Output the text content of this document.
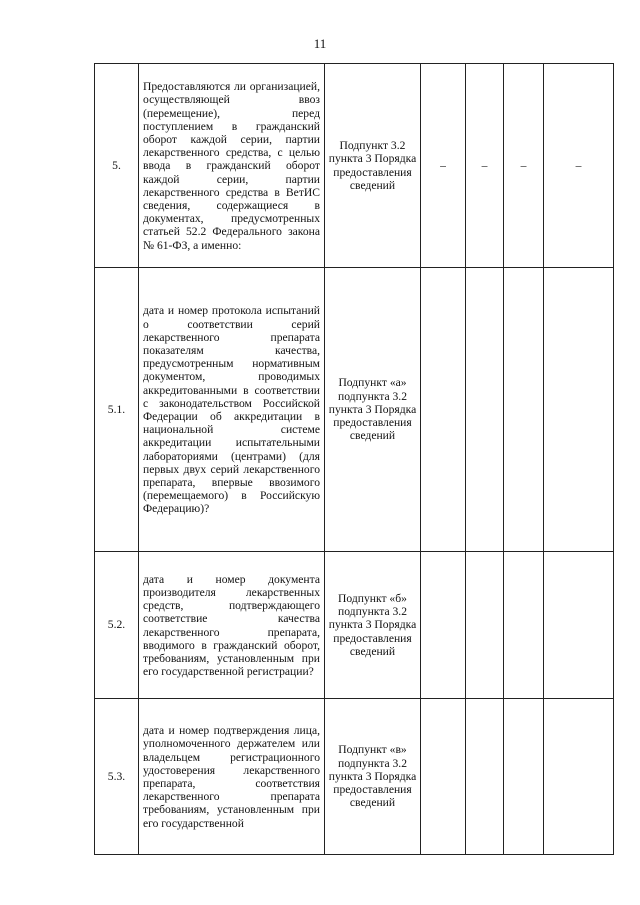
11
5.	Предоставляются ли организацией, осуществляющей ввоз (перемещение), перед поступлением в гражданский оборот каждой серии, партии лекарственного средства, с целью ввода в гражданский оборот каждой серии, партии лекарственного средства в ВетИС сведения, содержащиеся в документах, предусмотренных статьей 52.2 Федерального закона № 61-ФЗ, а именно:	Подпункт 3.2 пункта 3 Порядка предоставления сведений	–	–	–	–
5.1.	дата и номер протокола испытаний о соответствии серий лекарственного препарата показателям качества, предусмотренным нормативным документом, проводимых аккредитованными в соответствии с законодательством Российской Федерации об аккредитации в национальной системе аккредитации испытательными лабораториями (центрами) (для первых двух серий лекарственного препарата, впервые ввозимого (перемещаемого) в Российскую Федерацию)?	Подпункт «а» подпункта 3.2 пункта 3 Порядка предоставления сведений				
5.2.	дата и номер документа производителя лекарственных средств, подтверждающего соответствие качества лекарственного препарата, вводимого в гражданский оборот, требованиям, установленным при его государственной регистрации?	Подпункт «б» подпункта 3.2 пункта 3 Порядка предоставления сведений				
5.3.	дата и номер подтверждения лица, уполномоченного держателем или владельцем регистрационного удостоверения лекарственного препарата, соответствия лекарственного препарата требованиям, установленным при его государственной	Подпункт «в» подпункта 3.2 пункта 3 Порядка предоставления сведений				
